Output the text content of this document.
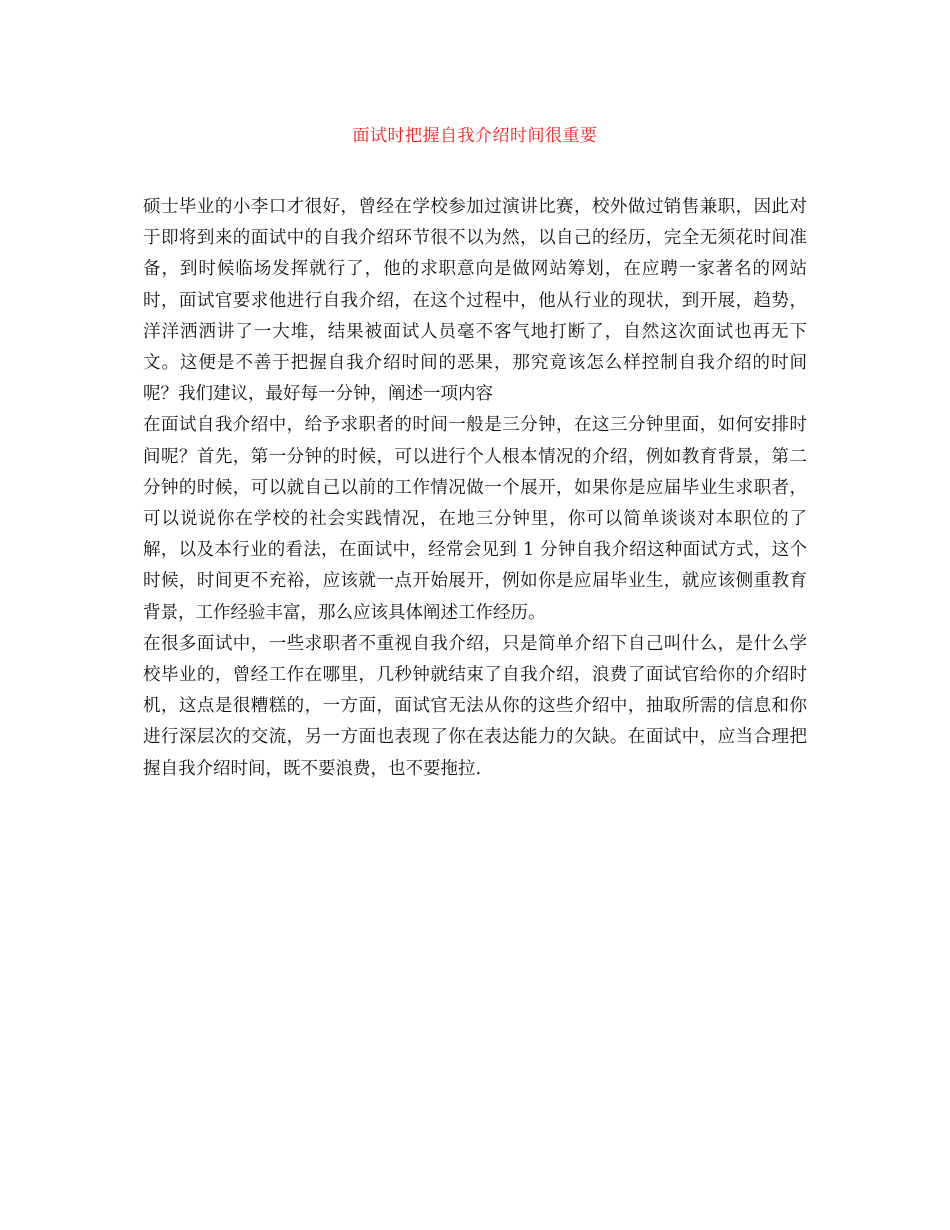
面试时把握自我介绍时间很重要

硕士毕业的小李口才很好，曾经在学校参加过演讲比赛，校外做过销售兼职，因此对于即将到来的面试中的自我介绍环节很不以为然，以自己的经历，完全无须花时间准备，到时候临场发挥就行了，他的求职意向是做网站筹划，在应聘一家著名的网站时，面试官要求他进行自我介绍，在这个过程中，他从行业的现状，到开展，趋势，洋洋洒洒讲了一大堆，结果被面试人员毫不客气地打断了，自然这次面试也再无下文。这便是不善于把握自我介绍时间的恶果，那究竟该怎么样控制自我介绍的时间呢？我们建议，最好每一分钟，阐述一项内容

在面试自我介绍中，给予求职者的时间一般是三分钟，在这三分钟里面，如何安排时间呢？首先，第一分钟的时候，可以进行个人根本情况的介绍，例如教育背景，第二分钟的时候，可以就自己以前的工作情况做一个展开，如果你是应届毕业生求职者，可以说说你在学校的社会实践情况，在地三分钟里，你可以简单谈谈对本职位的了解，以及本行业的看法，在面试中，经常会见到 1 分钟自我介绍这种面试方式，这个时候，时间更不充裕，应该就一点开始展开，例如你是应届毕业生，就应该侧重教育背景，工作经验丰富，那么应该具体阐述工作经历。

在很多面试中，一些求职者不重视自我介绍，只是简单介绍下自己叫什么，是什么学校毕业的，曾经工作在哪里，几秒钟就结束了自我介绍，浪费了面试官给你的介绍时机，这点是很糟糕的，一方面，面试官无法从你的这些介绍中，抽取所需的信息和你进行深层次的交流，另一方面也表现了你在表达能力的欠缺。在面试中，应当合理把握自我介绍时间，既不要浪费，也不要拖拉.
